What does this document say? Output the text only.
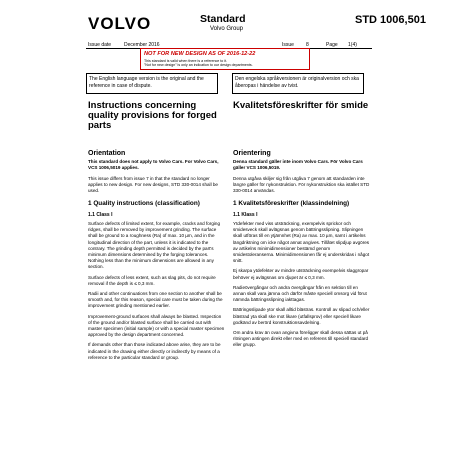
VOLVO	Standard
Volvo Group
STD 1006,501
Issue date	December 2016	Issue 8	Page 1(4)
NOT FOR NEW DESIGN AS OF 2016-12-22
This standard is valid when there is a reference to it.
"Not for new design" is only an indication to our design departments.
The English language version is the original and the reference in case of dispute.
Den engelska språkversionen är originalversion och ska åberopas i händelse av tvist.
Instructions concerning quality provisions for forged parts
Orientation

This standard does not apply to Volvo Cars. For Volvo Cars, VCS 1006,5019 applies.

This issue differs from issue 7 in that the standard no longer applies to new design. For new designs, STD 330-0014 shall be used.

1 Quality instructions (classification)
1.1 Class I

Surface defects of limited extent, for example, cracks and forging ridges, shall be removed by improvement grinding. The surface shall be ground to a roughness (Ra) of max. 10 µm, and in the longitudinal direction of the part, unless it is indicated to the contrary. The grinding depth permitted is decided by the part's minimum dimensions determined by the forging tolerances. Nothing less than the minimum dimensions are allowed in any section.

Surface defects of less extent, such as slag pits, do not require removal if the depth is ≤ 0,3 mm.

Radii and other continuations from one section to another shall be smooth and, for this reason, special care must be taken during the improvement grinding mentioned earlier.

Improvement-ground surfaces shall always be blasted. Inspection of the ground and/or blasted surface shall be carried out with master specimen (initial sample) or with a special master specimen approved by the design department concerned.

If demands other than those indicated above arise, they are to be indicated in the drawing either directly or indirectly by means of a reference to the particular standard or group.

Kvalitetsföreskrifter för smide
Orientering

Denna standard gäller inte inom Volvo Cars. För Volvo Cars gäller VCS 1006,5019.

Denna utgåva skiljer sig från utgåva 7 genom att standarden inte längre gäller för nykonstruktion. För nykonstruktion ska istället STD 330-0014 användas.

1 Kvalitetsföreskrifter (klassindelning)
1.1 Klass I

Ytdefekter med viss utsträckning, exempelvis sprickor och smidesveck skall avlägsnas genom bättringsslipning. Slipningen skall utföras till en ytjämnhet (Ra) av max. 10 µm, samt i artikelns längdriktning om icke något annat angives. Tillåtet slipdjup avgöres av artikelns minimidimensioner bestämd genom smidestoleranserna. Minimidimensionen får ej underskridas i något snitt.

Ej skarpa ytdefekter av mindre utsträckning exempelvis slaggropar behöver ej avlägsnas om djupet är ≤ 0,3 mm.

Radieövergångar och andra övergångar från en sektion till en annan skall vara jämna och därför måste speciell omsorg vid förut nämnda bättringsslipning iakttagas.

Bättringsslipade ytor skall alltid blästras. Kontroll av slipad och/eller blästrad yta skall ske mot likare (utfallsprov) eller speciell likare godkänd av berörd konstruktionsavdelning.

Om andra krav än ovan angivna föreligger skall dessa sättas ut på ritningen antingen direkt eller med en referens till speciell standard eller grupp.
